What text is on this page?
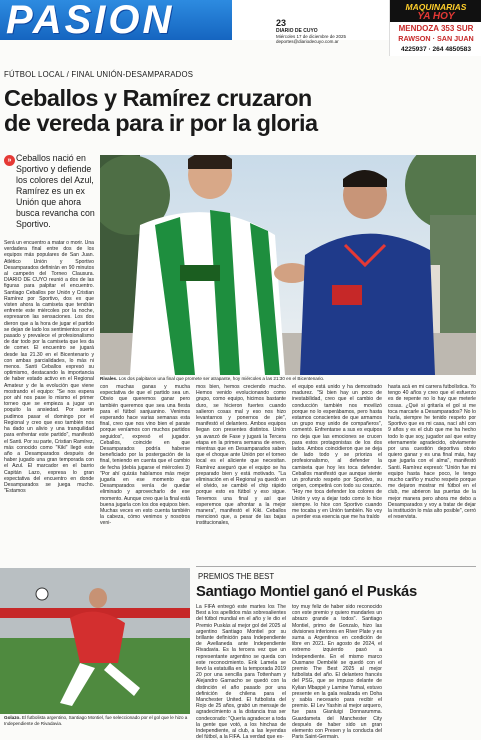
PASION	23
DIARIO DE CUYO
Miércoles 17 de diciembre de 2025
deportes@diariodecuyo.com.ar
MAQUINARIAS
YA HOY
MENDOZA 353 SUR
RAWSON · SAN JUAN
4225937 · 264 4850583
FÚTBOL LOCAL / FINAL UNIÓN-DESAMPARADOS
Ceballos y Ramírez cruzaron
de vereda para ir por la gloria
» Ceballos nació en Sportivo y defiende los colores del Azul, Ramírez es un ex Unión que ahora busca revancha con Sportivo.
Rivales. Los dos palpitaron una final que promete ser atrapante, hoy miércoles a las 21:30 en el Bicentenario.
Será un encuentro a matar o morir. Una verdadera final entre dos de los equipos más populares de San Juan. Atlético Unión y Sportivo Desamparados definirán en 90 minutos al campeón del Torneo Clausura. DIARIO DE CUYO reunió a dos de las figuras para palpitar el encuentro. Santiago Ceballos por Unión y Cristian Ramírez por Sportivo, dos ex que visten ahora la camiseta que tendrán enfrente este miércoles por la noche, expresaron las sensaciones. Los dos dieron que a la hora de jugar el partido se dejan de lado los sentimientos por el pasado y prevalece el profesionalismo de dar todo por la camiseta que les da de comer. El encuentro se jugará desde las 21.30 en el Bicentenario y con ambas parcialidades, lo más ni menos. Santi Ceballos expresó su optimismo, destacando la importancia de haber estado activo en el Regional Amateur y de la evolución que viene mostrando el equipo: "Se nos espera por ahí nos pase lo mismo el primer torneo que se empieza a jugar un poquito la ansiedad. Por suerte pudimos pasar el domingo por el Regional y creo que eso también nos ha dado un alivio y una tranquilidad para enfrentar este partido", manifestó el Santi. Por su parte, Cristian Ramírez, más conocido como "Kiki" llegó este año a Desamparados después de haber jugado una gran temporada con el Azul. El marcador en el barrio Capitán Lazo, expresa lo gran expectativa del encuentro en donde Desamparados se juega mucho. "Estamos
con muchas ganas y mucha expectativa de que el partido sea un. Obvio que queremos ganar pero también queremos que sea una fiesta para el fútbol sanjuanino. Venimos esperando hace varias semanas esta final, creo que nos vino bien el parate porque veníamos con muchos partidos seguidos", expresó el jugador. Ceballos, coincide en que Desamparados podría haberse beneficiado por la postergación de la final, teniendo en cuenta que el cambio de fecha (debía jugarse el miércoles 3) "Por ahí quizás habíamos más mejor jugarla en ese momento que Desamparados venía de quedar eliminado y aprovecharlo de ese momento. Aunque creo que la final está buena jugarla con los dos equipos bien. Muchas veces en esto cuenta también la cabeza, cómo venimos y nosotros veni-
mos bien, hemos creciendo mucho. Hemos venido evolucionando como grupo, como equipo, hicimos bastante duro, se hicieron fuertes cuando salieron cosas mal y eso nos hizo levantarnos y ponernos de pie", manifestó el delantero. Ambos equipos llegan con presentes distintos. Unión ya avanzó de Fase y jugará la Tercera etapa en la primera semana de enero, mientras que en Desamparados saben que el choque ante Unión por el torneo local es el aliciente que necesitan. Ramírez aseguró que el equipo se ha preparado bien y está motivado. "La eliminación en el Regional ya quedó en el olvido, se cambió el chip rápido porque esto es fútbol y eso sigue. Tenemos una final y así que esperemos que afrontar a la mejor manera", manifestó el Kiki. Ceballos mencionó que, a pesar de las bajas institucionales,
el equipo está unido y ha demostrado madurez. "Si bien hay un poco de inestabilidad, creo que el cambio de conducción también nos movilizó porque no lo esperábamos, pero hasta estamos conscientes de que armamos un grupo muy unido de compañeros", comentó. Enfrentarse a sus ex equipos no deja que las emociones se crucen para estos protagonistas de los dos lados. Ambos coincidieron que se deja de lado todo y se prioriza el profesionalismo, al defender la camiseta que hoy les toca defender. Ceballos manifestó que aunque siente un profundo respeto por Sportivo, su origen, competirá con todo su corazón. "Hoy me toca defender los colores de Unión y voy a dejar todo como lo hice siempre. lo hice con Sportivo cuando me tocaba y en Unión también. No voy a perder esa esencia que me ha traído
hasta acá en mi carrera futbolística. Yo tengo 40 años y creo que el esfuerzo es de repente no lo hay que meterle cosas. ¿Qué si gritaría el gol si me toca marcarle a Desamparados? No lo haría, siempre he tenido respeto por Sportivo que es mi casa, nací ahí con 9 años y es el club que me ha hecho todo lo que soy, jugador así que estoy eternamente agradecido, obviamente por una cuestión deportiva obvio quiero ganar y es una final más, hay que jugarla con el alma", manifestó Santi. Ramírez expresó: "Unión fue mi equipo hasta hace poco, le tengo mucho cariño y mucho respeto porque me dejaron mostrar mi fútbol en el club, me abrieron las puertas de la mejor manera pero ahora me debo a Desamparados y voy a tratar de dejar la institución lo más alto posible", cerró el reservista.
Golazo. El futbolista argentino, Santiago Montiel, fue seleccionado por el gol que le hizo a Independiente de Rivadavia.
PREMIOS THE BEST
Santiago Montiel ganó el Puskás
La FIFA entregó este martes los The Best a los apellidos más sobresalientes del fútbol mundial en el año y le dio el Premio Puskás al mejor gol del 2025 al argentino Santiago Montiel por su brillante definición para Independiente de Avellaneda ante Independiente Rivadavia. Es la tercera vez que un representante argentino se queda con este reconocimiento. Erik Lamela se llevó la estatuilla en la temporada 2019 20 por una sencilla para Tottenham y Alejandro Garnacho se quedó con la distinción el año pasado por una definición de chilena para el Manchester United. El futbolista del Rojo de 25 años, grabó un mensaje de agradecimiento a la distancia tras ser condecorado: "Quería agradecer a toda la gente que votó, a los hinchas de Independiente, al club, a las leyendas del fútbol, a la FIFA. La verdad que es-
toy muy feliz de haber sido reconocido con este premio y quiero mandarles un abrazo grande a todos". Santiago Montiel, primo de Gonzalo, hizo las divisiones inferiores en River Plate y es suma a Argentinos en condición de libre en 2021. En agosto de 2024, el extremo izquierdo pasó a Independiente. En el mismo marco Ousmane Dembélé se quedó con el premio The Best 2025 al mejor futbolista del año. El delantero francés del PSG, que se impuso delante de Kylian Mbappé y Lamine Yamal, estuvo presente en la gala realizada en Doha y sabía necesario para recibir el premio. El Lev Yashin al mejor arquero, fue para Gianluigi Donnarumma. Guardameta del Manchester City después de haber sido un gran elemento con Presen y la conducta del Paris Saint-Germain.
